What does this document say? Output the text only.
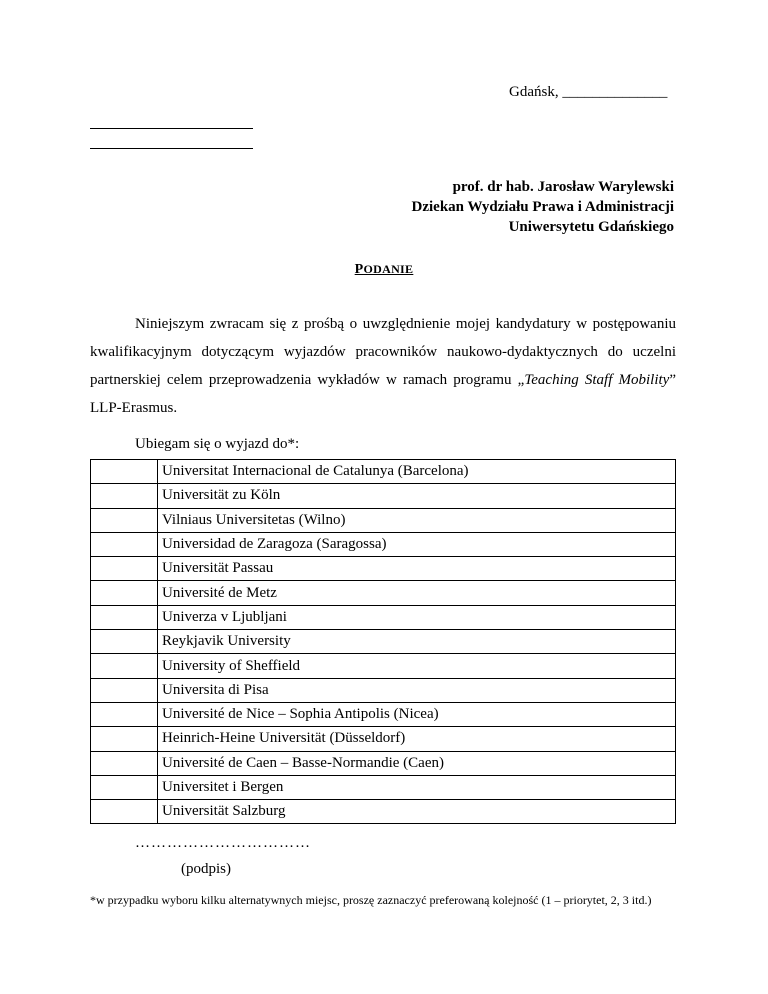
Gdańsk, ______________
prof. dr hab. Jarosław Warylewski
Dziekan Wydziału Prawa i Administracji
Uniwersytetu Gdańskiego
PODANIE
Niniejszym zwracam się z prośbą o uwzględnienie mojej kandydatury w postępowaniu kwalifikacyjnym dotyczącym wyjazdów pracowników naukowo-dydaktycznych do uczelni partnerskiej celem przeprowadzenia wykładów w ramach programu „Teaching Staff Mobility” LLP-Erasmus.
Ubiegam się o wyjazd do*:
	Universitat Internacional de Catalunya (Barcelona)
	Universität zu Köln
	Vilniaus Universitetas (Wilno)
	Universidad de Zaragoza (Saragossa)
	Universität Passau
	Université de Metz
	Univerza v Ljubljani
	Reykjavik University
	University of Sheffield
	Universita di Pisa
	Université de Nice – Sophia Antipolis (Nicea)
	Heinrich-Heine Universität (Düsseldorf)
	Université de Caen – Basse-Normandie (Caen)
	Universitet i Bergen
	Universität Salzburg
……………………………
(podpis)
*w przypadku wyboru kilku alternatywnych miejsc, proszę zaznaczyć preferowaną kolejność (1 – priorytet, 2, 3 itd.)
